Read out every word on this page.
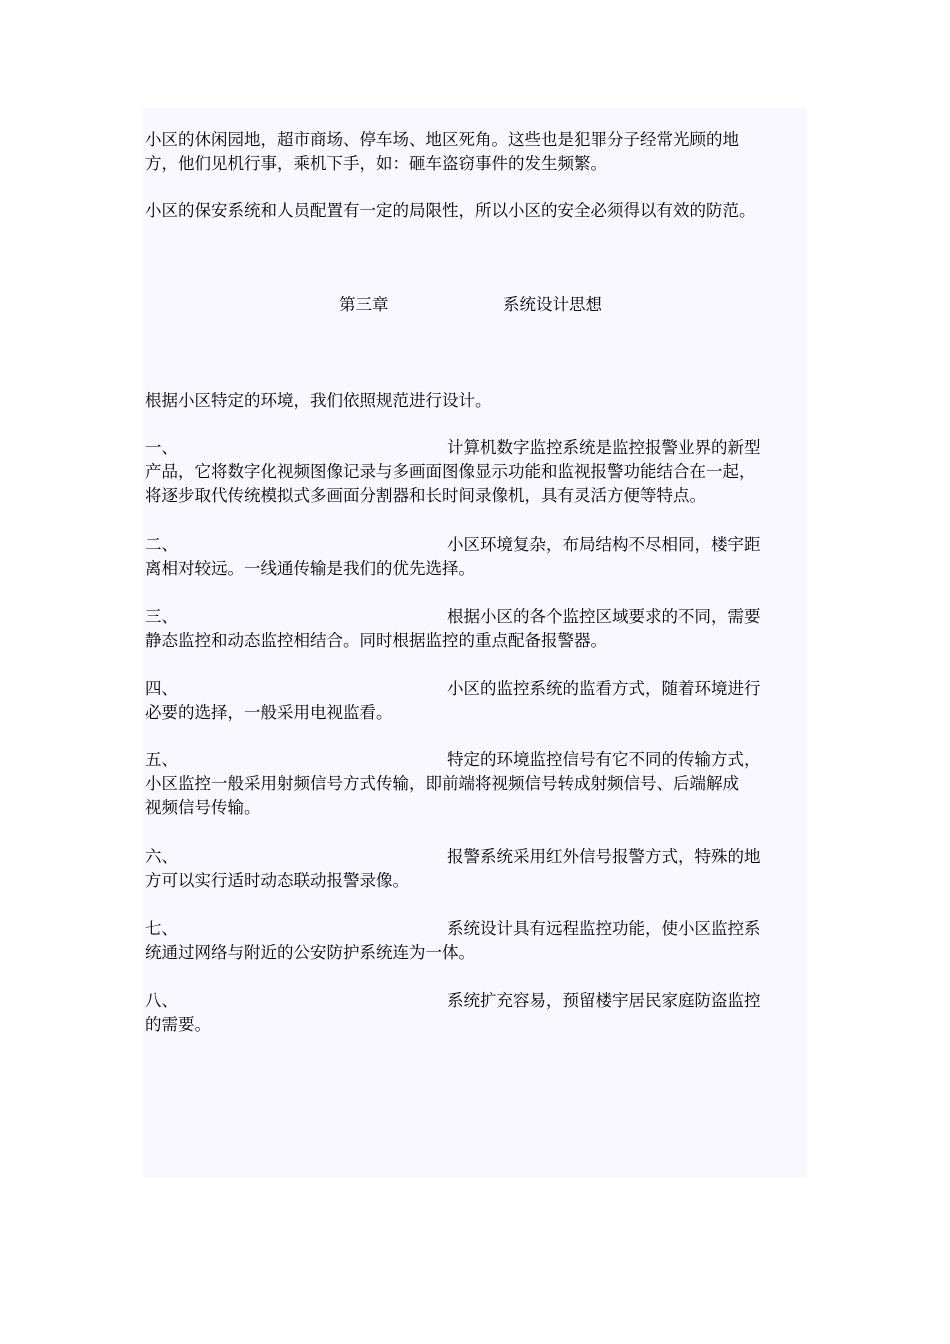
小区的休闲园地，超市商场、停车场、地区死角。这些也是犯罪分子经常光顾的地
方，他们见机行事，乘机下手，如：砸车盗窃事件的发生频繁。

小区的保安系统和人员配置有一定的局限性，所以小区的安全必须得以有效的防范。

第三章	系统设计思想

根据小区特定的环境，我们依照规范进行设计。

一、	计算机数字监控系统是监控报警业界的新型
产品，它将数字化视频图像记录与多画面图像显示功能和监视报警功能结合在一起，
将逐步取代传统模拟式多画面分割器和长时间录像机，具有灵活方便等特点。
二、	小区环境复杂，布局结构不尽相同，楼宇距
离相对较远。一线通传输是我们的优先选择。
三、	根据小区的各个监控区域要求的不同，需要
静态监控和动态监控相结合。同时根据监控的重点配备报警器。
四、	小区的监控系统的监看方式，随着环境进行
必要的选择，一般采用电视监看。
五、	特定的环境监控信号有它不同的传输方式，
小区监控一般采用射频信号方式传输，即前端将视频信号转成射频信号、后端解成
视频信号传输。
六、	报警系统采用红外信号报警方式，特殊的地
方可以实行适时动态联动报警录像。
七、	系统设计具有远程监控功能，使小区监控系
统通过网络与附近的公安防护系统连为一体。
八、	系统扩充容易，预留楼宇居民家庭防盗监控
的需要。
